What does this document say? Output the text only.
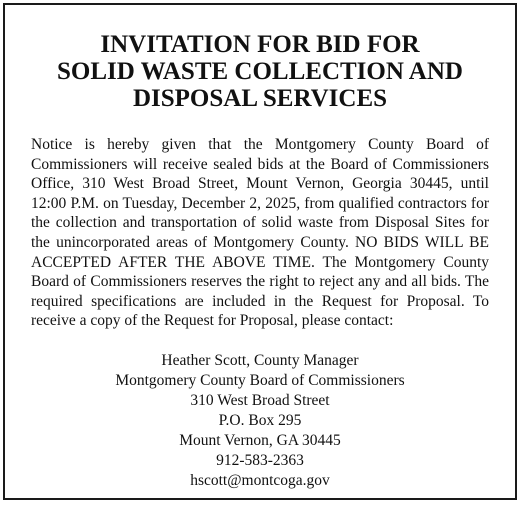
INVITATION FOR BID FOR
SOLID WASTE COLLECTION AND
DISPOSAL SERVICES

Notice is hereby given that the Montgomery County Board of Commissioners will receive sealed bids at the Board of Commissioners Office, 310 West Broad Street, Mount Vernon, Georgia 30445, until 12:00 P.M. on Tuesday, December 2, 2025, from qualified contractors for the collection and transportation of solid waste from Disposal Sites for the unincorporated areas of Montgomery County. NO BIDS WILL BE ACCEPTED AFTER THE ABOVE TIME. The Montgomery County Board of Commissioners reserves the right to reject any and all bids. The required specifications are included in the Request for Proposal. To receive a copy of the Request for Proposal, please contact:

Heather Scott, County Manager
Montgomery County Board of Commissioners
310 West Broad Street
P.O. Box 295
Mount Vernon, GA 30445
912-583-2363
hscott@montcoga.gov
